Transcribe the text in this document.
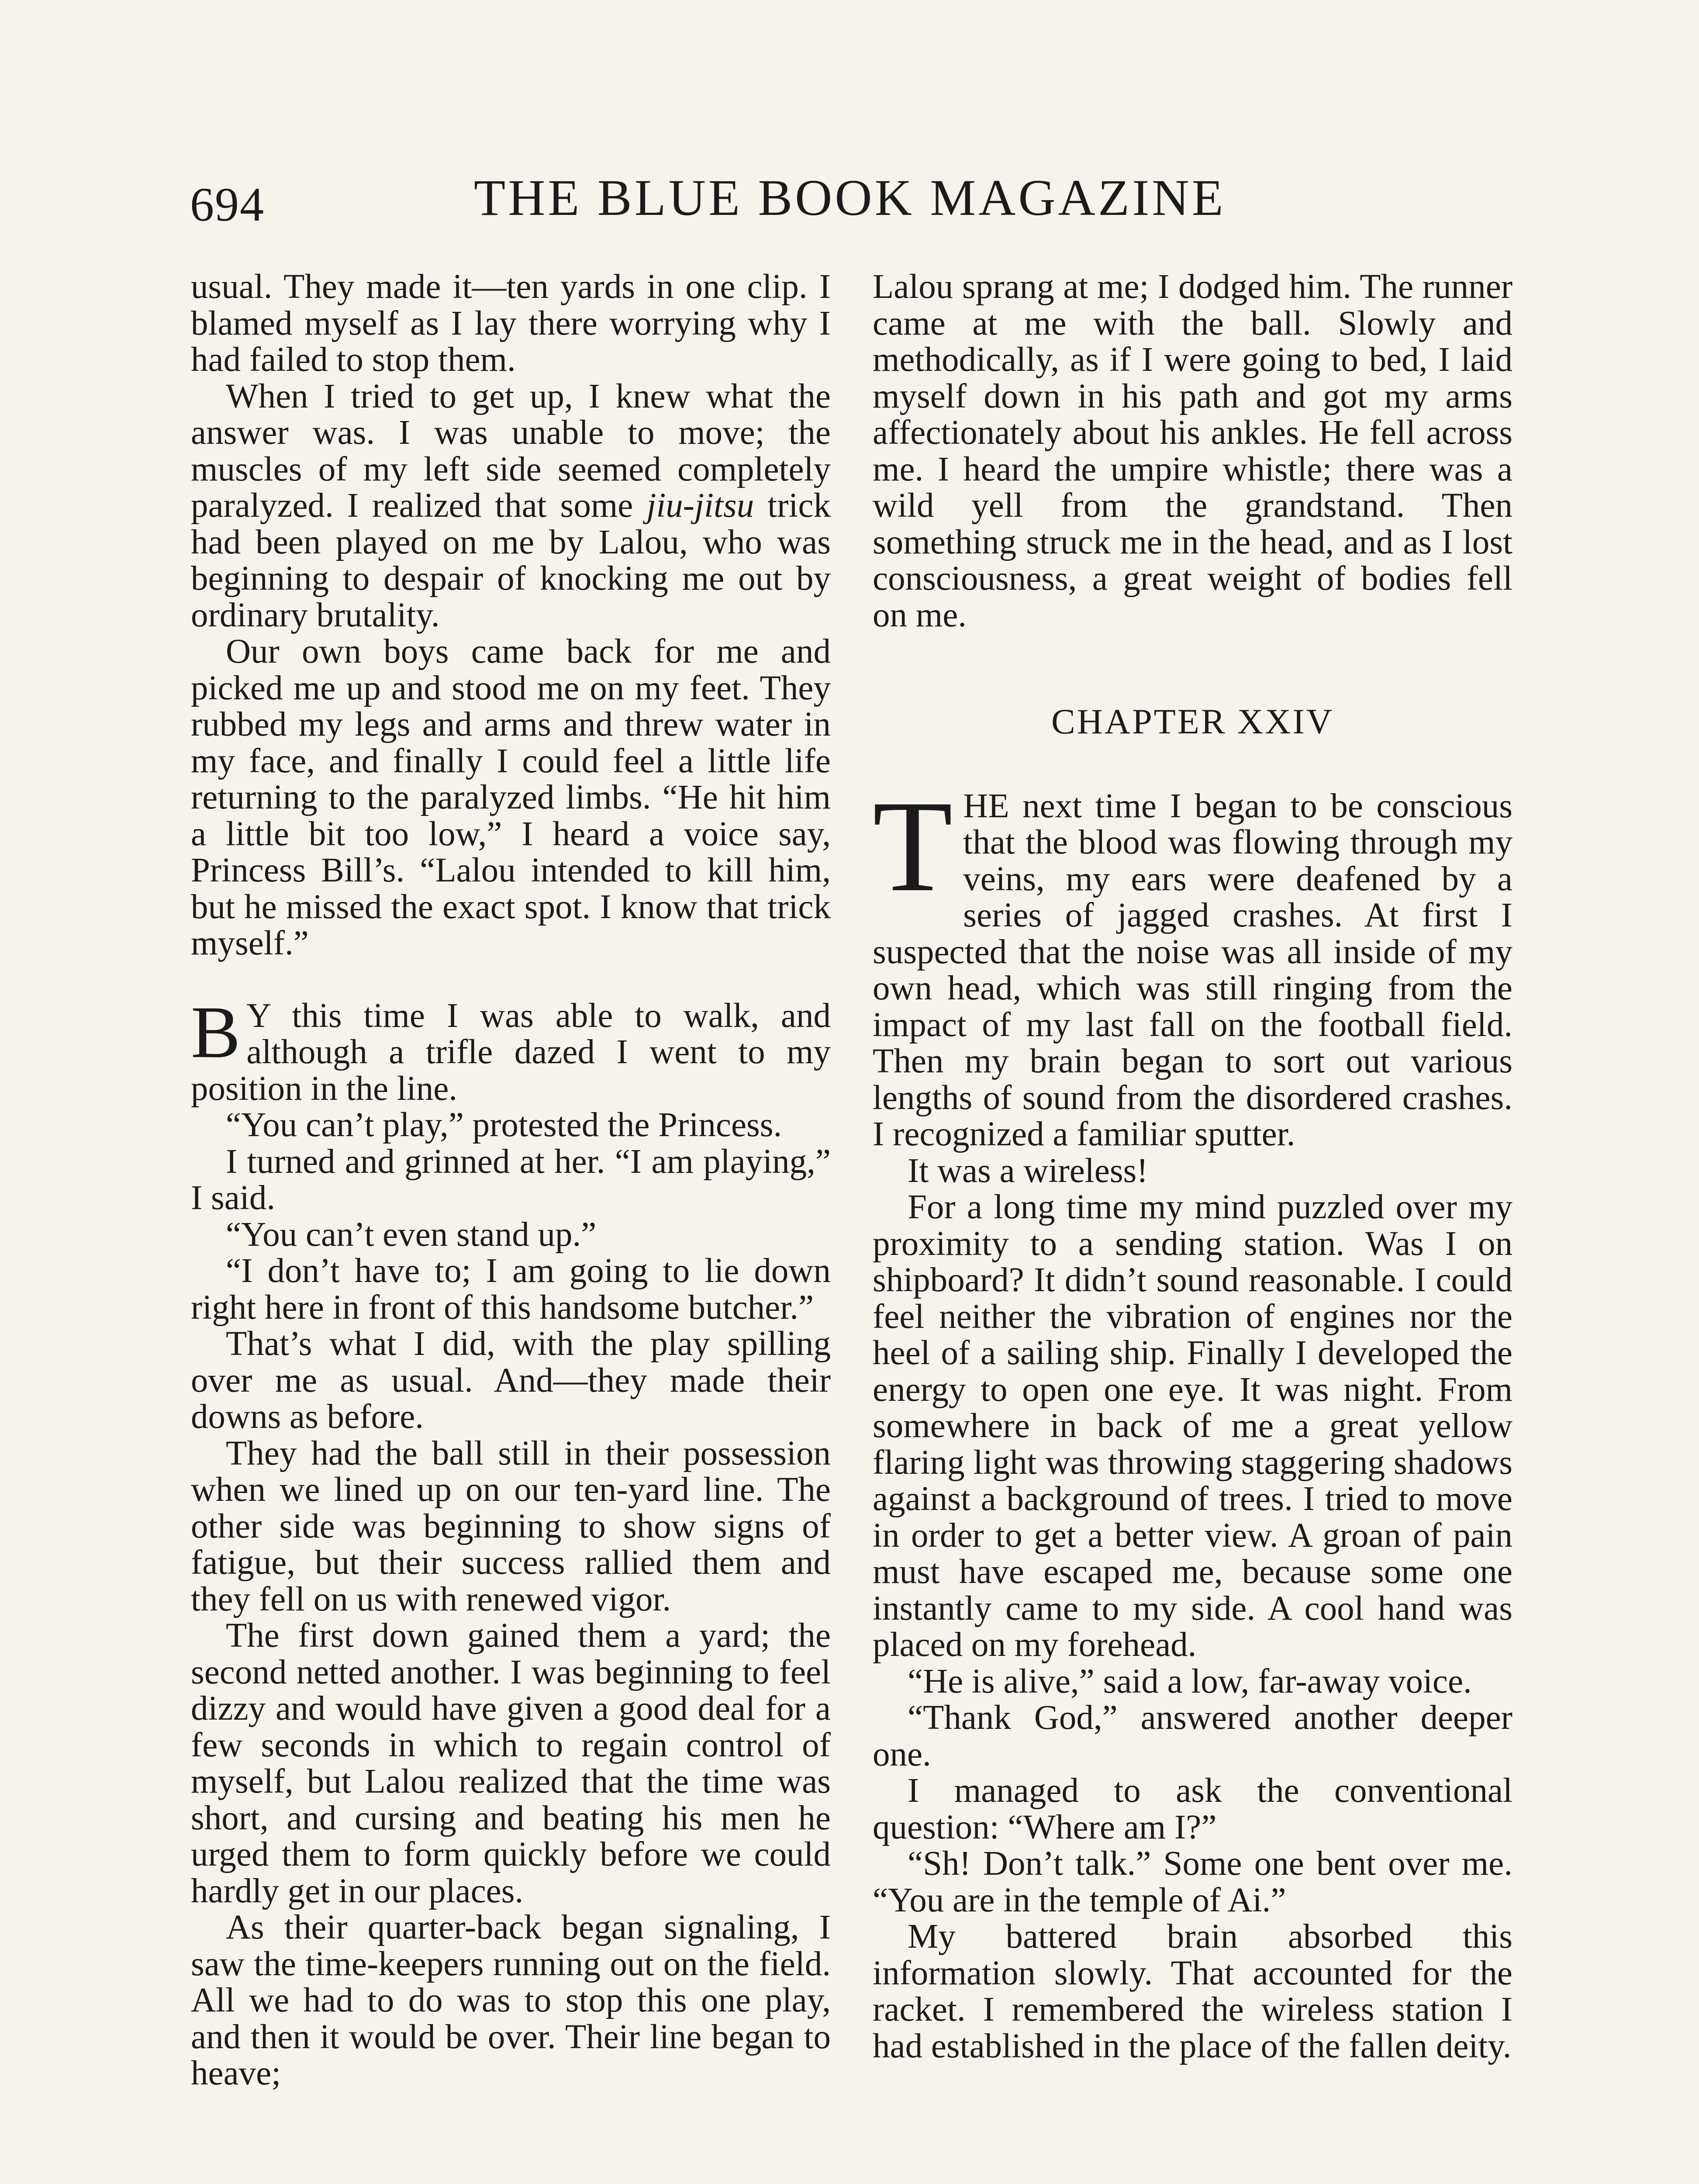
694	THE BLUE BOOK MAGAZINE

usual. They made it—ten yards in one clip. I blamed myself as I lay there worrying why I had failed to stop them.

When I tried to get up, I knew what the answer was. I was unable to move; the muscles of my left side seemed completely paralyzed. I realized that some jiu-jitsu trick had been played on me by Lalou, who was beginning to despair of knocking me out by ordinary brutality.

Our own boys came back for me and picked me up and stood me on my feet. They rubbed my legs and arms and threw water in my face, and finally I could feel a little life returning to the paralyzed limbs. “He hit him a little bit too low,” I heard a voice say, Princess Bill’s. “Lalou intended to kill him, but he missed the exact spot. I know that trick myself.”

B Y this time I was able to walk, and although a trifle dazed I went to my position in the line.

“You can’t play,” protested the Princess.

I turned and grinned at her. “I am playing,” I said.

“You can’t even stand up.”

“I don’t have to; I am going to lie down right here in front of this handsome butcher.”

That’s what I did, with the play spilling over me as usual. And—they made their downs as before.

They had the ball still in their possession when we lined up on our ten-yard line. The other side was beginning to show signs of fatigue, but their success rallied them and they fell on us with renewed vigor.

The first down gained them a yard; the second netted another. I was beginning to feel dizzy and would have given a good deal for a few seconds in which to regain control of myself, but Lalou realized that the time was short, and cursing and beating his men he urged them to form quickly before we could hardly get in our places.

As their quarter-back began signaling, I saw the time-keepers running out on the field. All we had to do was to stop this one play, and then it would be over. Their line began to heave;

Lalou sprang at me; I dodged him. The runner came at me with the ball. Slowly and methodically, as if I were going to bed, I laid myself down in his path and got my arms affectionately about his ankles. He fell across me. I heard the umpire whistle; there was a wild yell from the grandstand. Then something struck me in the head, and as I lost consciousness, a great weight of bodies fell on me.

CHAPTER XXIV

THE next time I began to be conscious that the blood was flowing through my veins, my ears were deafened by a series of jagged crashes. At first I suspected that the noise was all inside of my own head, which was still ringing from the impact of my last fall on the football field. Then my brain began to sort out various lengths of sound from the disordered crashes. I recognized a familiar sputter.

It was a wireless!

For a long time my mind puzzled over my proximity to a sending station. Was I on shipboard? It didn’t sound reasonable. I could feel neither the vibration of engines nor the heel of a sailing ship. Finally I developed the energy to open one eye. It was night. From somewhere in back of me a great yellow flaring light was throwing staggering shadows against a background of trees. I tried to move in order to get a better view. A groan of pain must have escaped me, because some one instantly came to my side. A cool hand was placed on my forehead.

“He is alive,” said a low, far-away voice.

“Thank God,” answered another deeper one.

I managed to ask the conventional question: “Where am I?”

“Sh! Don’t talk.” Some one bent over me. “You are in the temple of Ai.”

My battered brain absorbed this information slowly. That accounted for the racket. I remembered the wireless station I had established in the place of the fallen deity.
